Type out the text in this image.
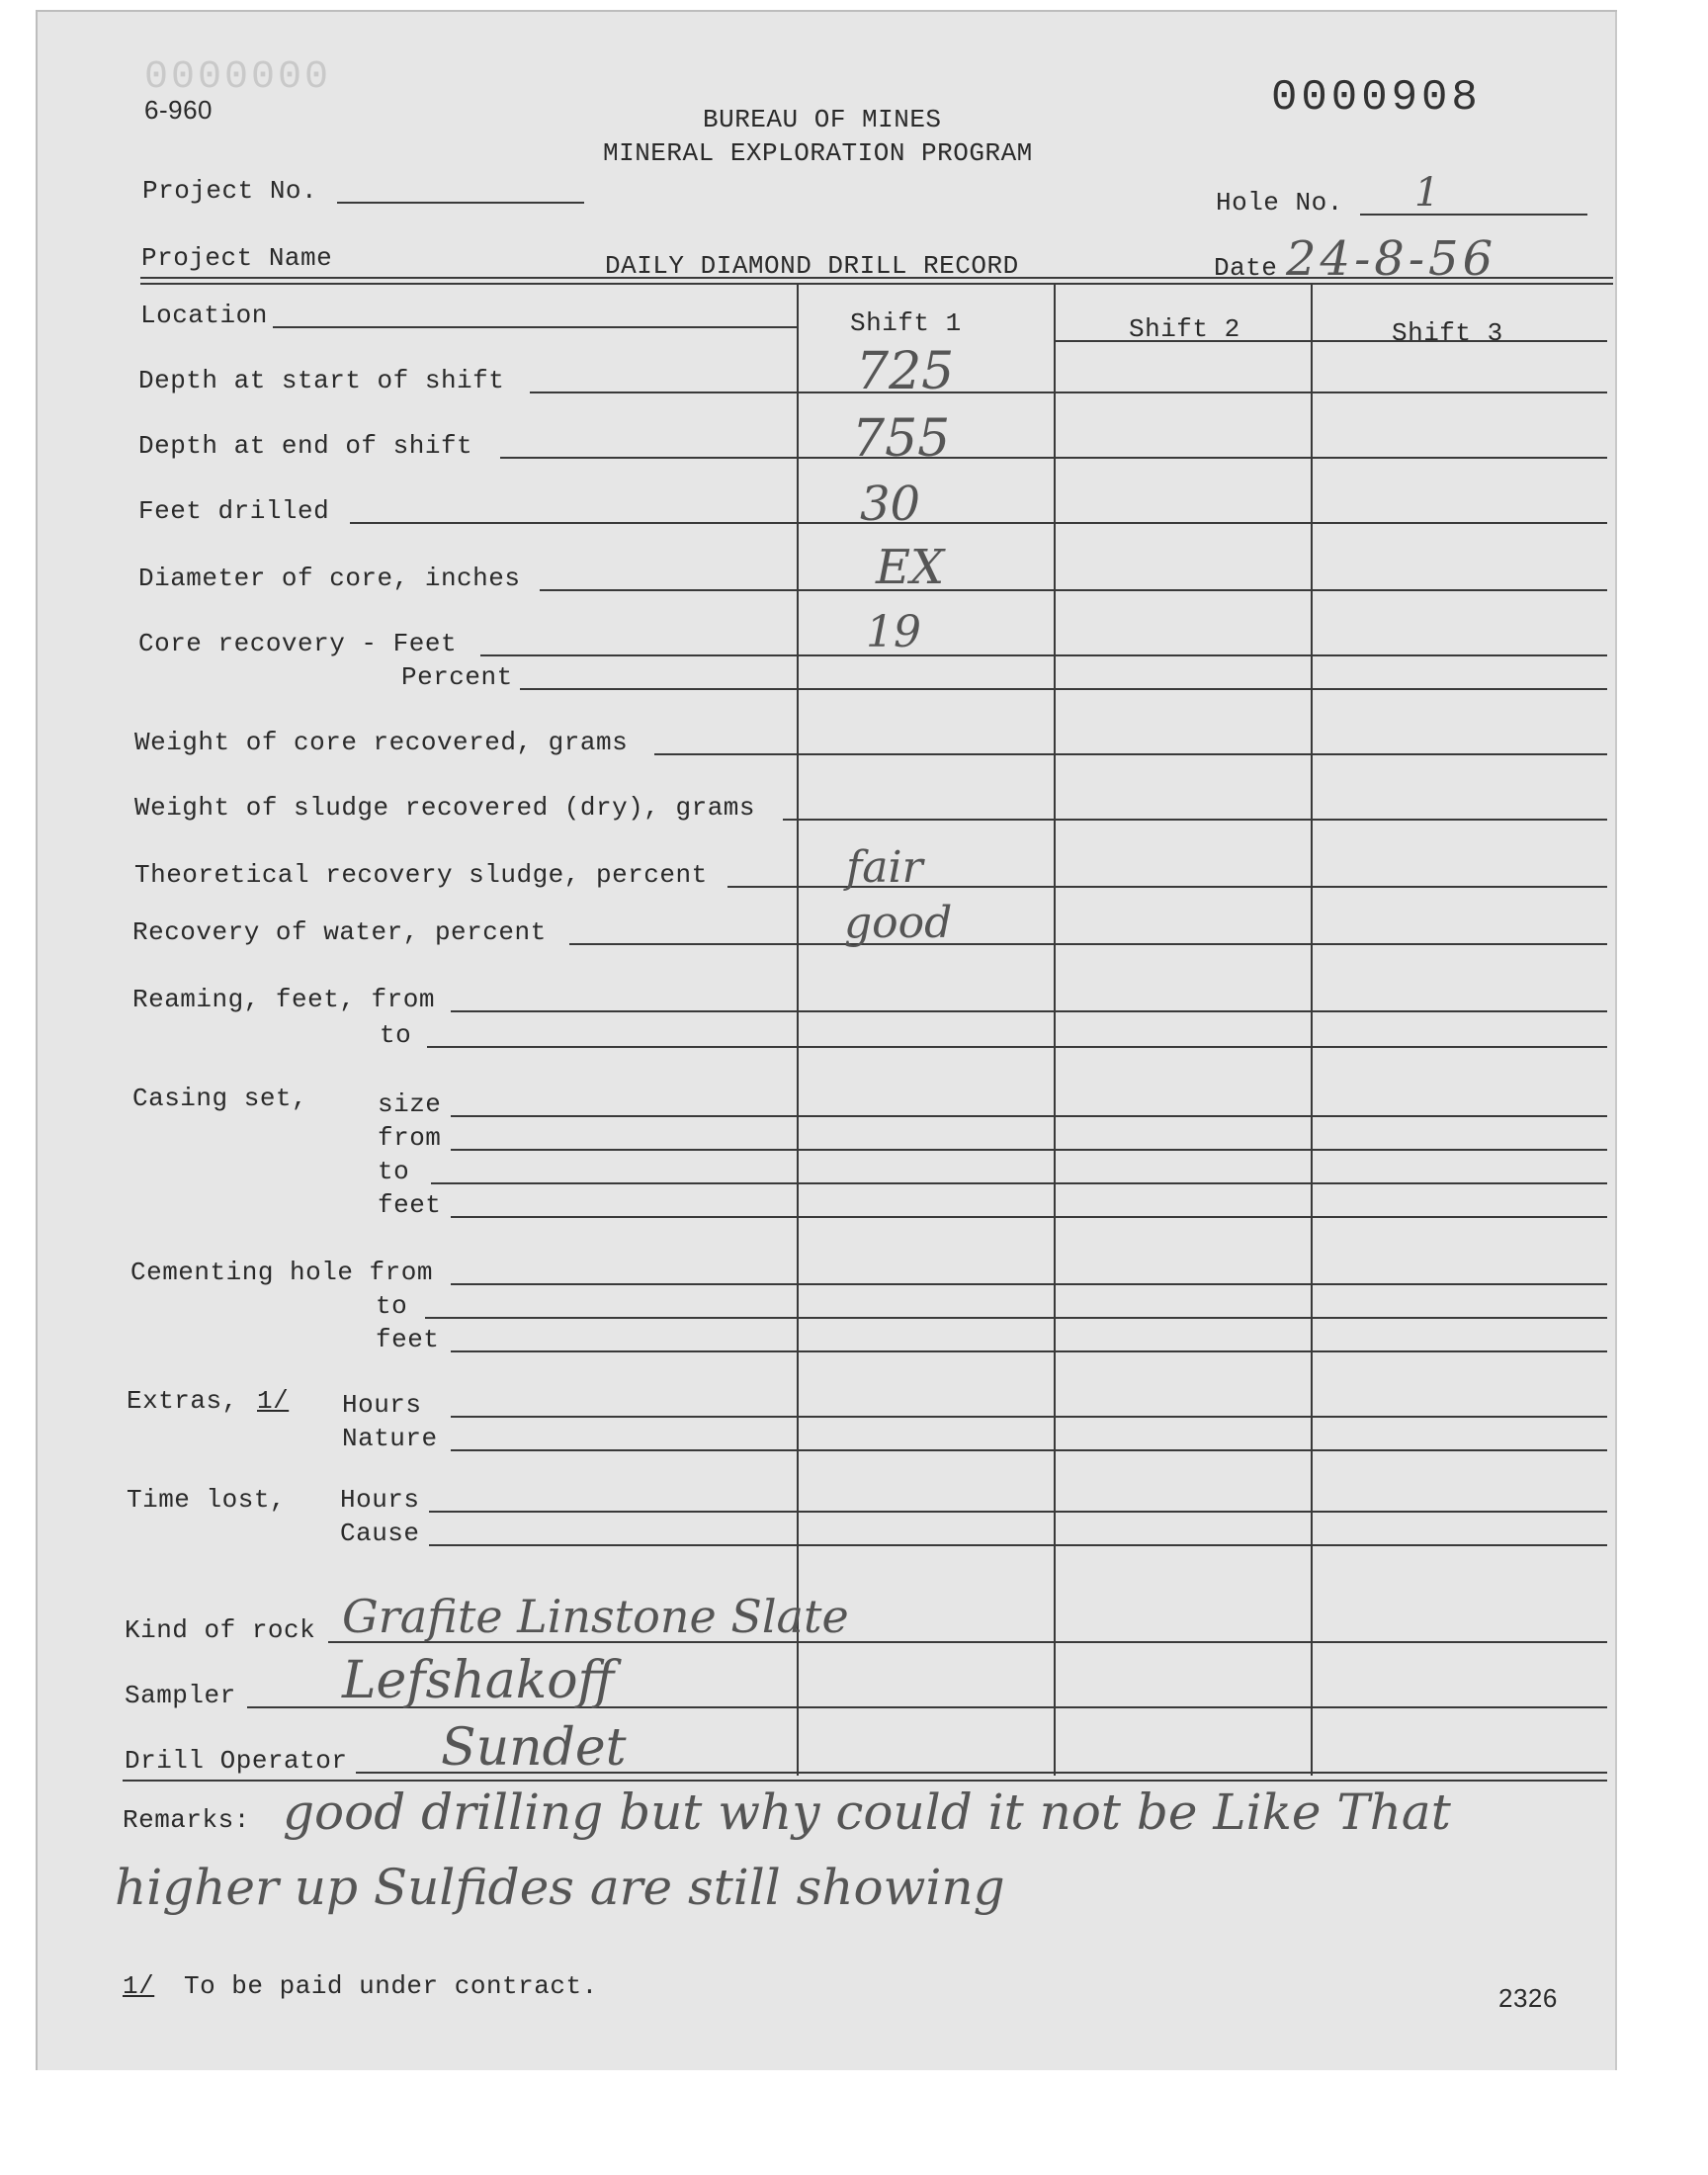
0000000
6-960	0000908
BUREAU OF MINES
MINERAL EXPLORATION PROGRAM
Project No.	Hole No. 1
Project Name	DAILY DIAMOND DRILL RECORD	Date 24-8-56
Shift 1	Shift 2	Shift 3
Location
Depth at start of shift	725
Depth at end of shift	755
Feet drilled	30
Diameter of core, inches	EX
Core recovery - Feet	19
Percent
Weight of core recovered, grams
Weight of sludge recovered (dry), grams
Theoretical recovery sludge, percent	fair
Recovery of water, percent	good
Reaming, feet, from
to
Casing set,	size
from
to
feet
Cementing hole from
to
feet
Extras, 1/ Hours
Nature
Time lost, Hours
Cause
Kind of rock Grafite Linstone Slate
Sampler Lefshakoff
Drill Operator Sundet
Remarks: good drilling but why could it not be Like That
higher up Sulfides are still showing
1/ To be paid under contract.	2326
